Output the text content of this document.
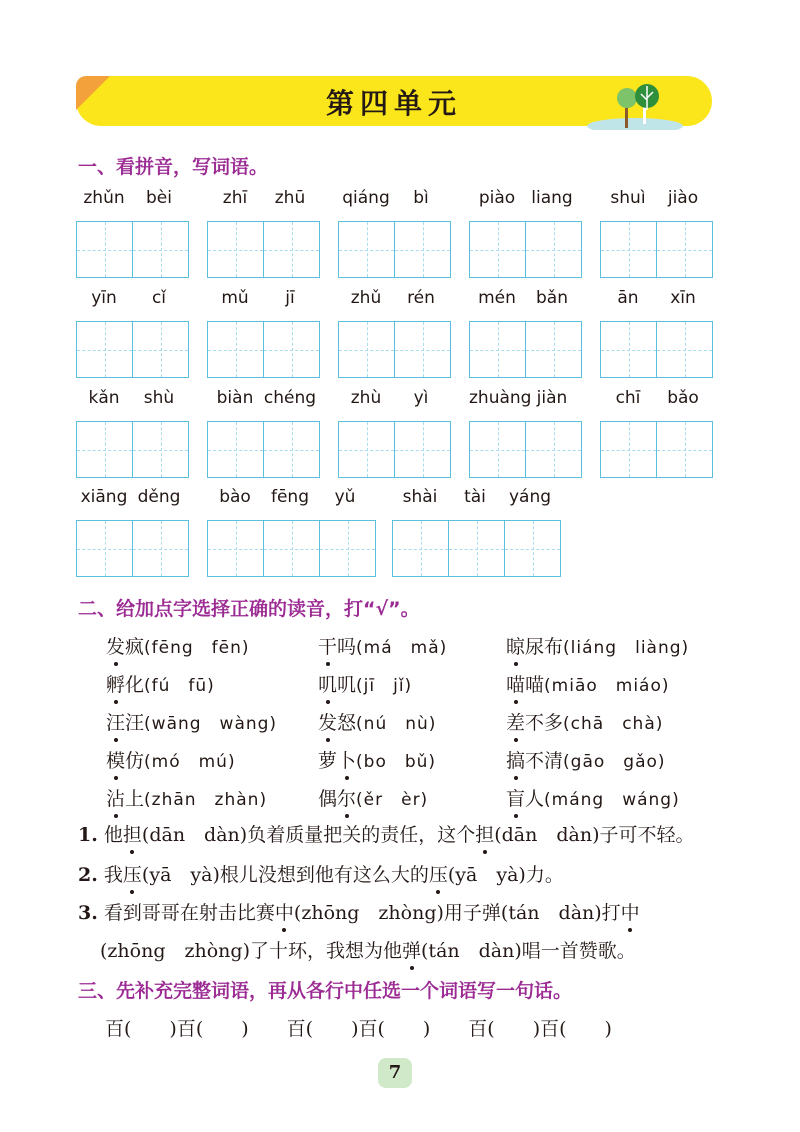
第四单元
一、看拼音，写词语。
zhǔn	bèi	zhī	zhū	qiáng	bì	piào liang	shuì	jiào
yīn	cǐ	mǔ	jī	zhǔ	rén	mén	bǎn	ān	xīn
kǎn	shù	biàn chéng	zhù	yì	zhuàng jiàn	chī	bǎo
xiāng děng	bào	fēng	yǔ	shài	tài	yáng
二、给加点字选择正确的读音，打“√”。
发疯(fēng　fēn)	干吗(má　mǎ)	晾尿布(liáng　liàng)
孵化(fú　fū)	叽叽(jī　jǐ)	喵喵(miāo　miáo)
汪汪(wāng　wàng) 发怒(nú　nù)	差不多(chā　chà)
模仿(mó　mú)	萝卜(bo　bǔ)	搞不清(gāo　gǎo)
沾上(zhān　zhàn)	偶尔(ěr　èr)	盲人(máng　wáng)
1. 他担(dān　dàn)负着质量把关的责任，这个担(dān　dàn)子可不轻。
2. 我压(yā　yà)根儿没想到他有这么大的压(yā　yà)力。
3. 看到哥哥在射击比赛中(zhōng　zhòng)用子弹(tán　dàn)打中
(zhōng　zhòng)了十环，我想为他弹(tán　dàn)唱一首赞歌。
三、先补充完整词语，再从各行中任选一个词语写一句话。
百(　　)百(　　)　　百(　　)百(　　)　　百(　　)百(　　)
7
